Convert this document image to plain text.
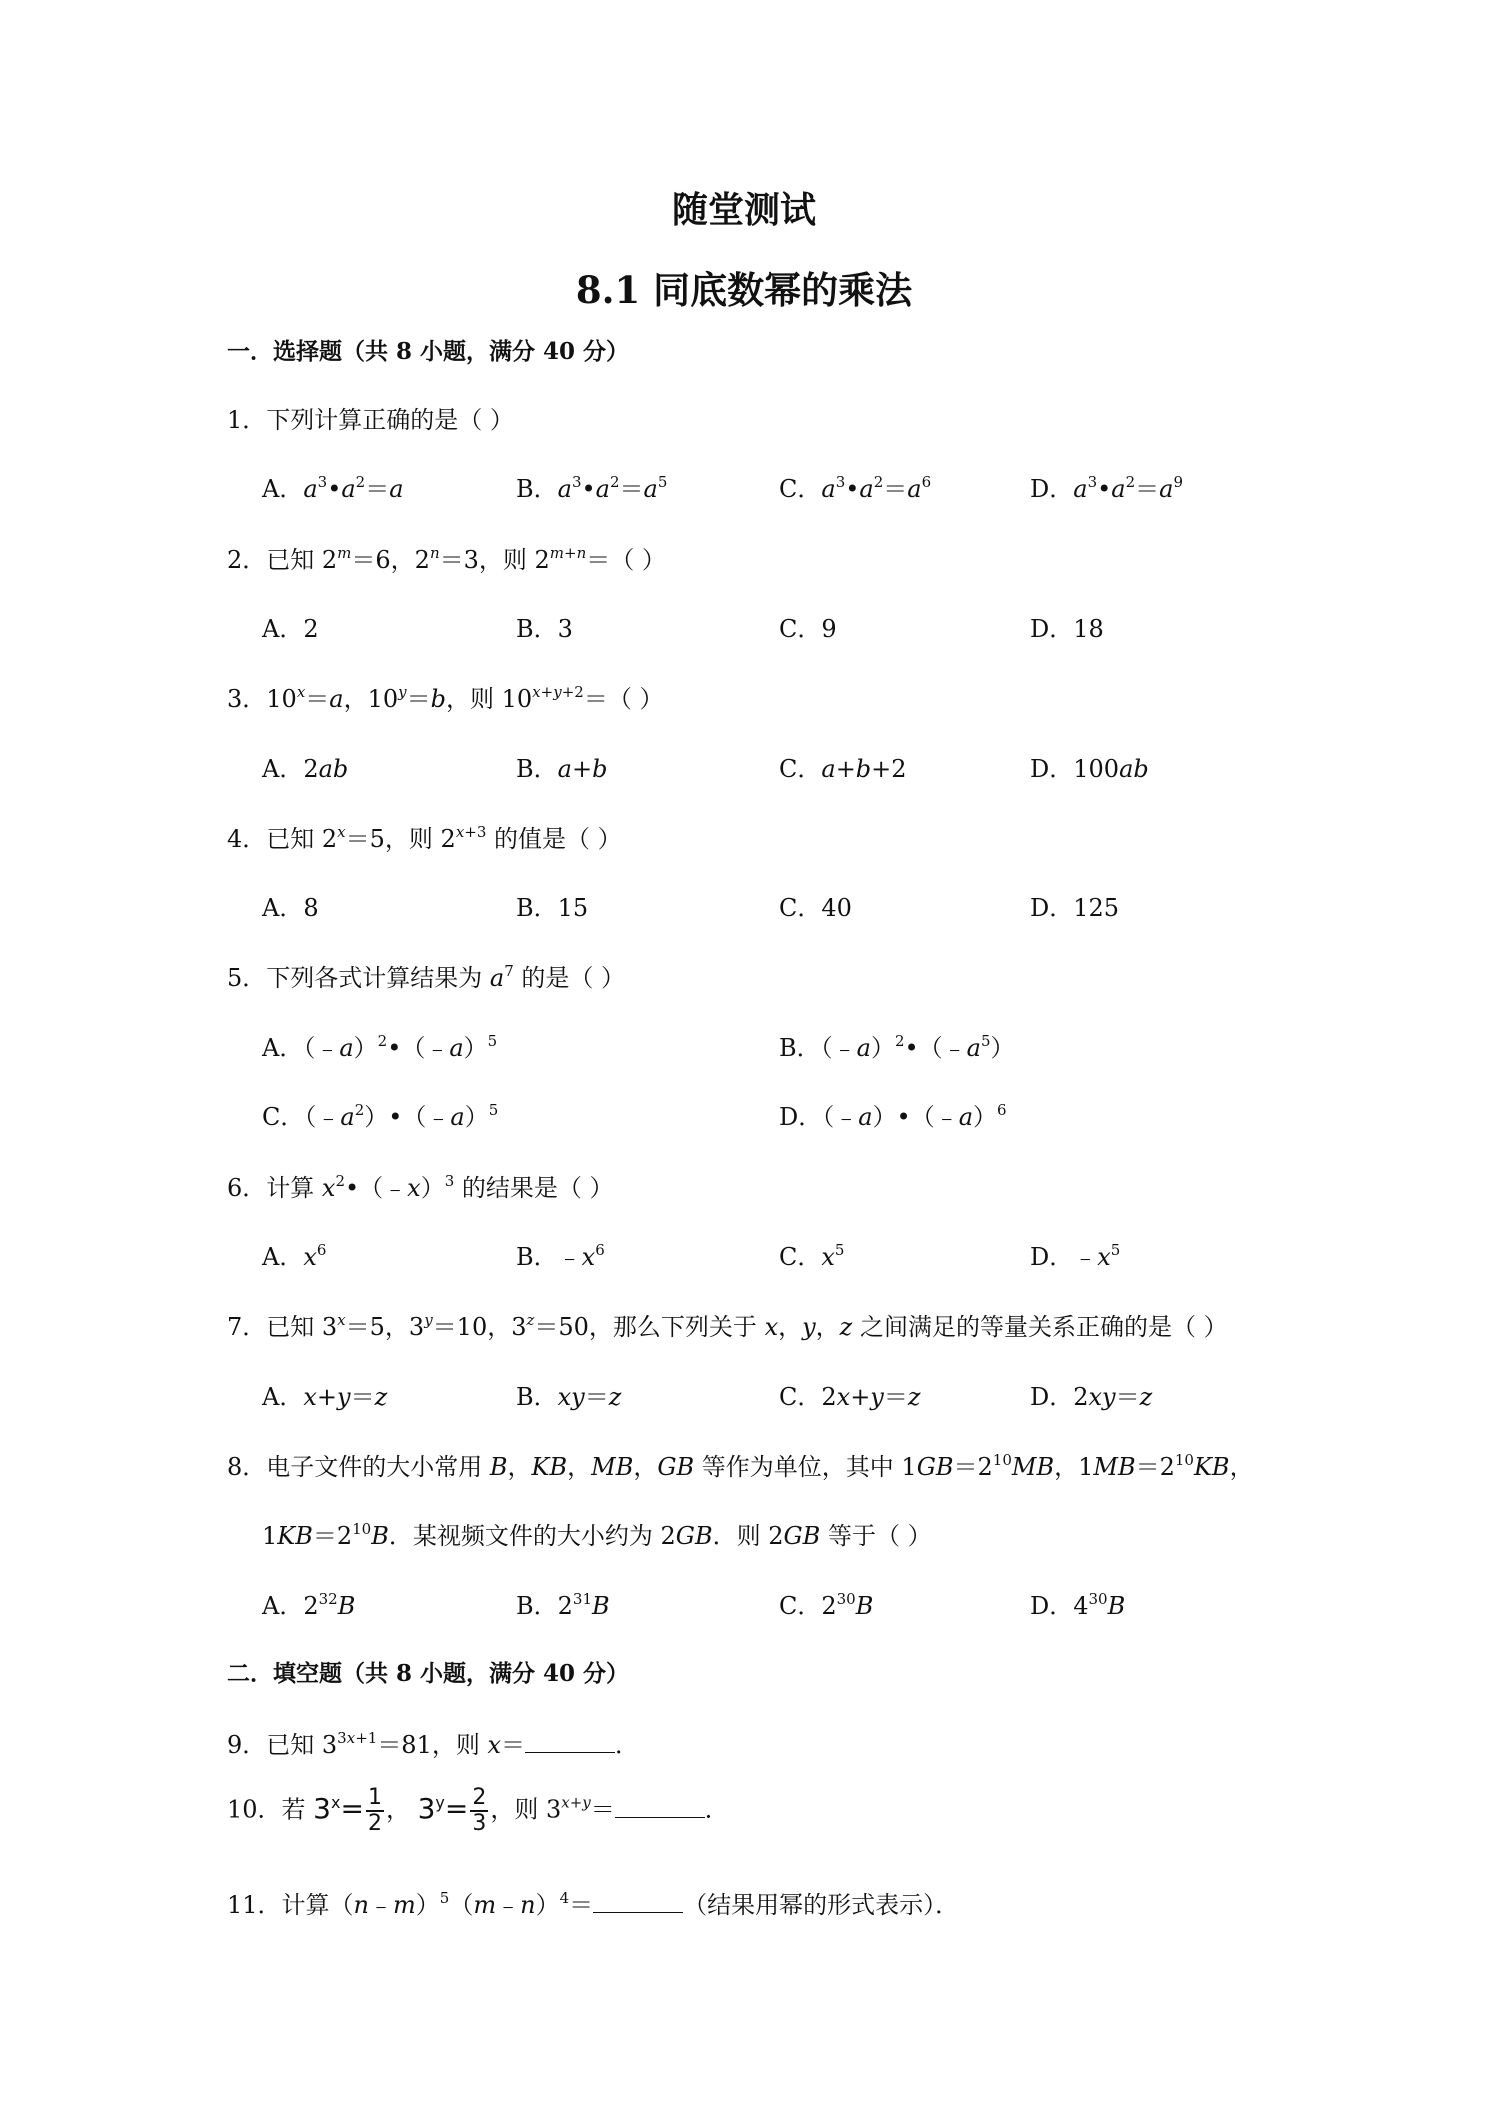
随堂测试
8.1 同底数幂的乘法
一．选择题（共 8 小题，满分 40 分）
1．下列计算正确的是（ ）
A．$a^3•a^2=a$	B．$a^3•a^2=a^5$	C．$a^3•a^2=a^6$	D．$a^3•a^2=a^9$
2．已知 $2^m=6$，$2^n=3$，则 $2^{m+n}=$（ ）
A．2	B．3	C．9	D．18
3．$10^x=a$，$10^y=b$，则 $10^{x+y+2}=$（ ）
A．2ab	B．a+b	C．a+b+2	D．100ab
4．已知 $2^x=5$，则 $2^{x+3}$ 的值是（ ）
A．8	B．15	C．40	D．125
5．下列各式计算结果为 $a^7$ 的是（ ）
A．（﹣a）$^2$•（﹣a）$^5$	B．$(﹣a)^2•(﹣a^5)$
C．$(﹣a^2)•(﹣a)^5$	D．（﹣a）•（﹣a）$^6$
6．计算 $x^2•(﹣x)^3$ 的结果是（ ）
A．$x^6$	B．$﹣x^6$	C．$x^5$	D．$﹣x^5$
7．已知 $3^x=5$，$3^y=10$，$3^z=50$，那么下列关于 x，y，z 之间满足的等量关系正确的是（ ）
A．x+y＝z	B．xy＝z	C．2x+y＝z	D．2xy＝z
8．电子文件的大小常用 B，KB，MB，GB 等作为单位，其中 $1GB=2^{10}MB$，$1MB=2^{10}KB$，
$1KB=2^{10}B$．某视频文件的大小约为 2GB．则 2GB 等于（ ）
A．$2^{32}B$	B．$2^{31}B$	C．$2^{30}B$	D．$4^{30}B$
二．填空题（共 8 小题，满分 40 分）
9．已知 $3^{3x+1}=81$，则 x＝	．
10．若 $3^x= \frac{1}{2}$ ， $3^y= \frac{2}{3}$ ，则 $3^{x+y}=$	．
11．计算（n﹣m）$^5$（m﹣n）$^4$＝	（结果用幂的形式表示）．
